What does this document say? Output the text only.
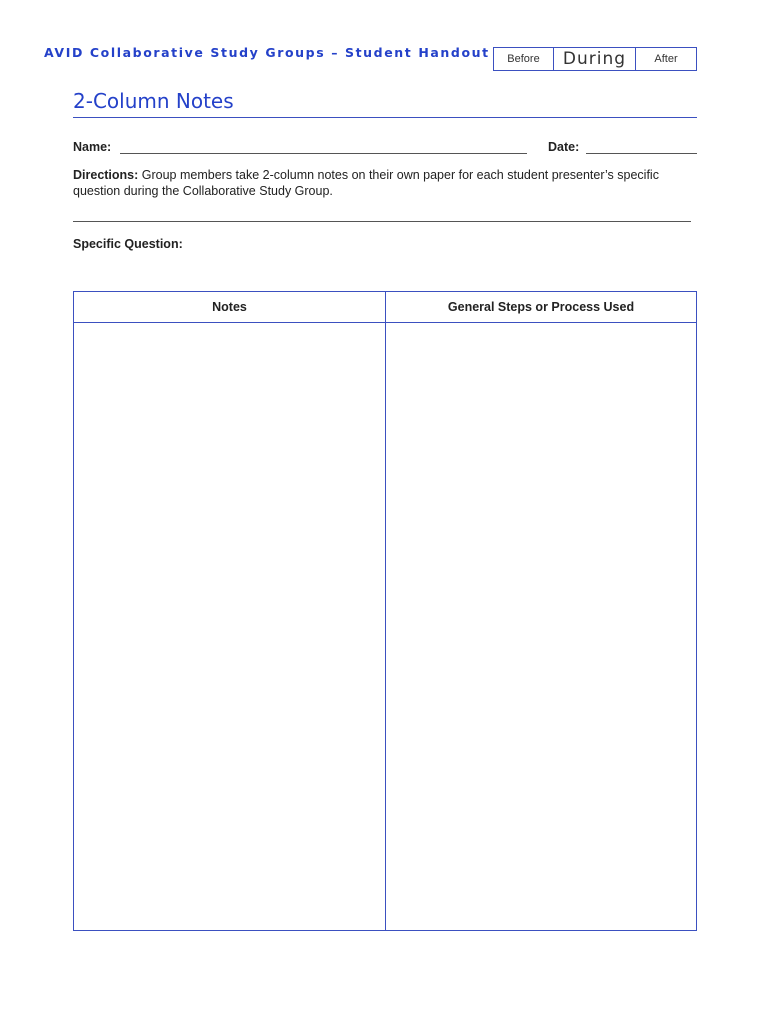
AVID Collaborative Study Groups – Student Handout	Before	During	After
2-Column Notes
Name:	Date:
Directions: Group members take 2-column notes on their own paper for each student presenter’s specific question during the Collaborative Study Group.
Specific Question:
Notes	General Steps or Process Used
